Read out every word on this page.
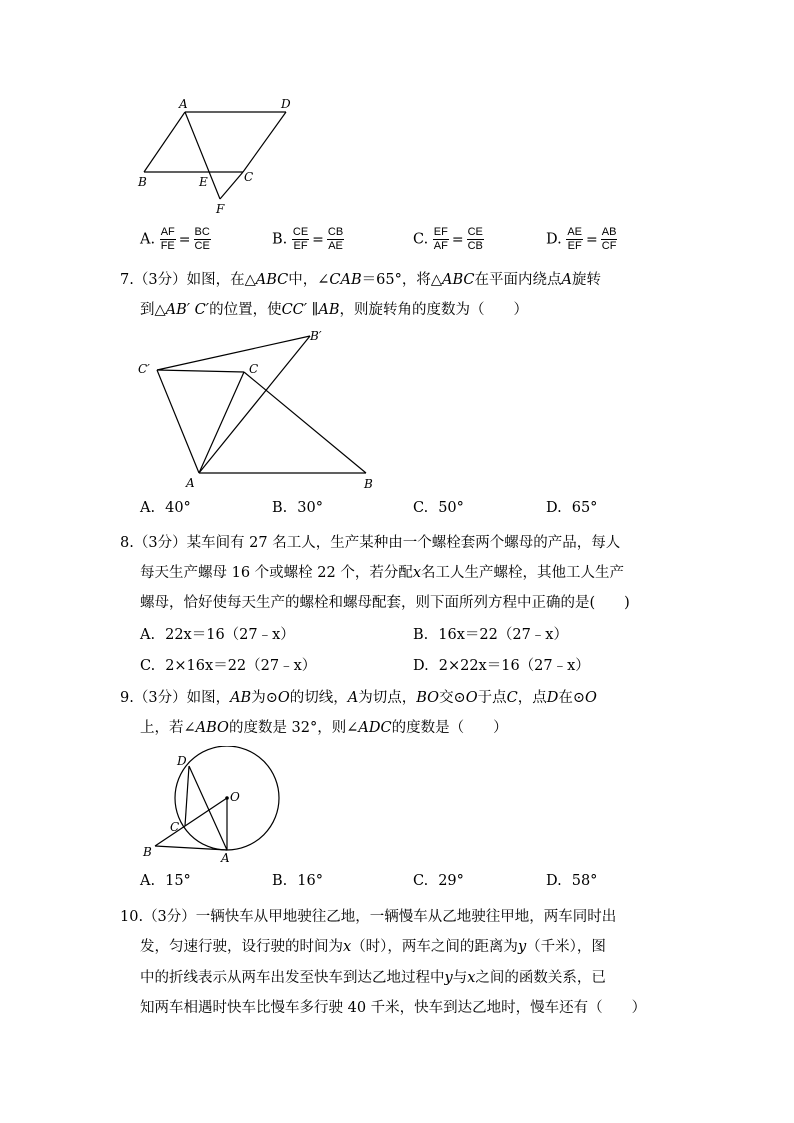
A	D
B	E	C
F
A. $\frac{AF}{FE} = \frac{BC}{CE}$	B. $\frac{CE}{EF} = \frac{CB}{AE}$	C. $\frac{EF}{AF} = \frac{CE}{CB}$	D. $\frac{AE}{EF} = \frac{AB}{CF}$
7.（3分）如图，在△ABC中，∠CAB＝65°，将△ABC在平面内绕点A旋转
到△AB′ C′的位置，使CC′ ∥AB，则旋转角的度数为（　　）
C′	C
B′
A	B
A. 40°	B. 30°	C. 50°	D. 65°
8.（3分）某车间有 27 名工人，生产某种由一个螺栓套两个螺母的产品，每人
每天生产螺母 16 个或螺栓 22 个，若分配x名工人生产螺栓，其他工人生产
螺母，恰好使每天生产的螺栓和螺母配套，则下面所列方程中正确的是(　　)
A. 22x＝16（27﹣x）	B. 16x＝22（27﹣x）
C. 2×16x＝22（27﹣x）	D. 2×22x＝16（27﹣x）
9.（3分）如图，AB为⊙O的切线，A为切点，BO交⊙O于点C，点D在⊙O
上，若∠ABO的度数是 32°，则∠ADC的度数是（　　）
D
O
C
B	A
A. 15°	B. 16°	C. 29°	D. 58°
10.（3分）一辆快车从甲地驶往乙地，一辆慢车从乙地驶往甲地，两车同时出
发，匀速行驶，设行驶的时间为x（时），两车之间的距离为y（千米），图
中的折线表示从两车出发至快车到达乙地过程中y与x之间的函数关系，已
知两车相遇时快车比慢车多行驶 40 千米，快车到达乙地时，慢车还有（　　）
